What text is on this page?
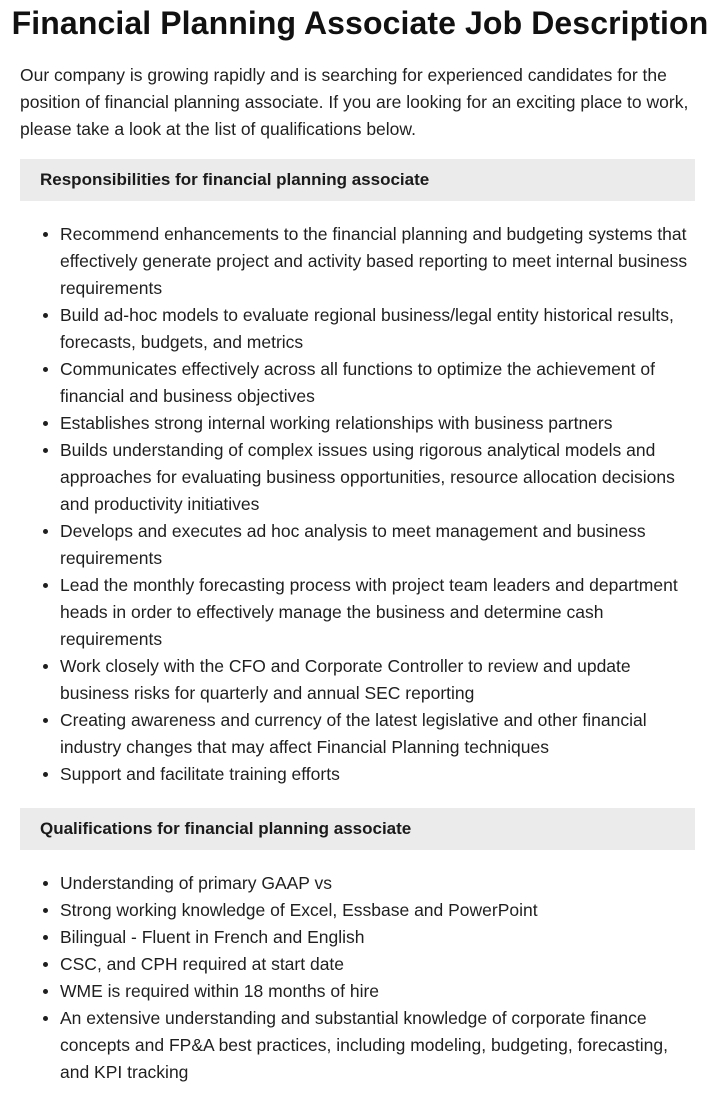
Financial Planning Associate Job Description

Our company is growing rapidly and is searching for experienced candidates for the position of financial planning associate. If you are looking for an exciting place to work, please take a look at the list of qualifications below.

Responsibilities for financial planning associate
Recommend enhancements to the financial planning and budgeting systems that effectively generate project and activity based reporting to meet internal business requirements
Build ad-hoc models to evaluate regional business/legal entity historical results, forecasts, budgets, and metrics
Communicates effectively across all functions to optimize the achievement of financial and business objectives
Establishes strong internal working relationships with business partners
Builds understanding of complex issues using rigorous analytical models and approaches for evaluating business opportunities, resource allocation decisions and productivity initiatives
Develops and executes ad hoc analysis to meet management and business requirements
Lead the monthly forecasting process with project team leaders and department heads in order to effectively manage the business and determine cash requirements
Work closely with the CFO and Corporate Controller to review and update business risks for quarterly and annual SEC reporting
Creating awareness and currency of the latest legislative and other financial industry changes that may affect Financial Planning techniques
Support and facilitate training efforts
Qualifications for financial planning associate
Understanding of primary GAAP vs
Strong working knowledge of Excel, Essbase and PowerPoint
Bilingual - Fluent in French and English
CSC, and CPH required at start date
WME is required within 18 months of hire
An extensive understanding and substantial knowledge of corporate finance concepts and FP&A best practices, including modeling, budgeting, forecasting, and KPI tracking
